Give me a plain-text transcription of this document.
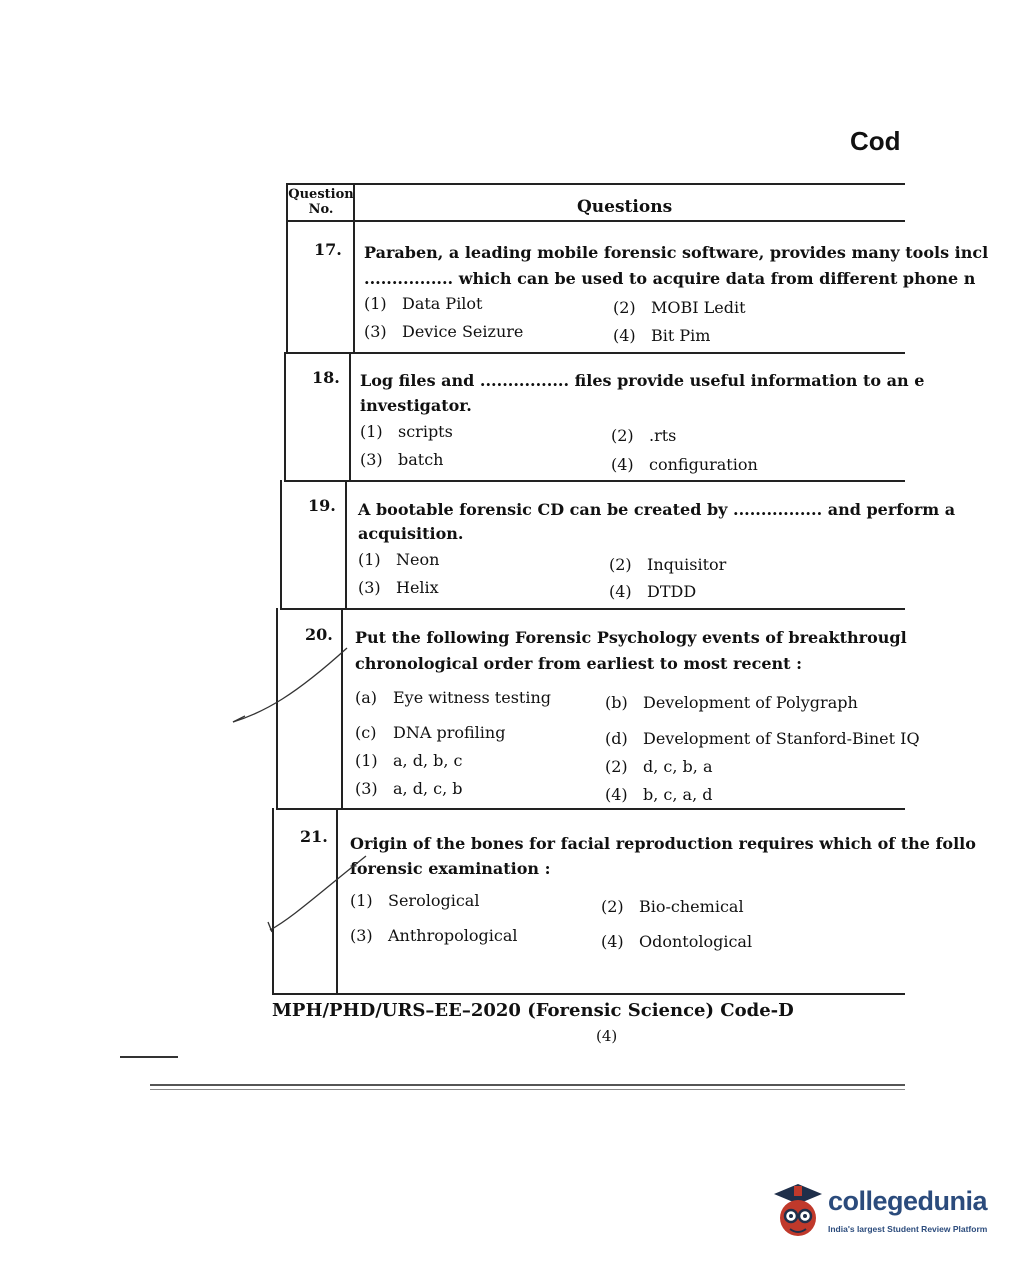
Cod
Question No.	Questions
17. Paraben, a leading mobile forensic software, provides many tools incl
................ which can be used to acquire data from different phone n
(1) Data Pilot	(2) MOBI Ledit
(3) Device Seizure	(4) Bit Pim
18. Log files and ................ files provide useful information to an e
investigator.
(1) scripts	(2) .rts
(3) batch	(4) configuration
19. A bootable forensic CD can be created by ................ and perform a
acquisition.
(1) Neon	(2) Inquisitor
(3) Helix	(4) DTDD
20. Put the following Forensic Psychology events of breakthrougl
chronological order from earliest to most recent :
(a) Eye witness testing	(b) Development of Polygraph
(c) DNA profiling	(d) Development of Stanford-Binet IQ
(1) a, d, b, c	(2) d, c, b, a
(3) a, d, c, b	(4) b, c, a, d
21. Origin of the bones for facial reproduction requires which of the follo
forensic examination :
(1) Serological	(2) Bio-chemical
(3) Anthropological	(4) Odontological
MPH/PHD/URS–EE–2020 (Forensic Science) Code-D
(4)
collegedunia
India's largest Student Review Platform
